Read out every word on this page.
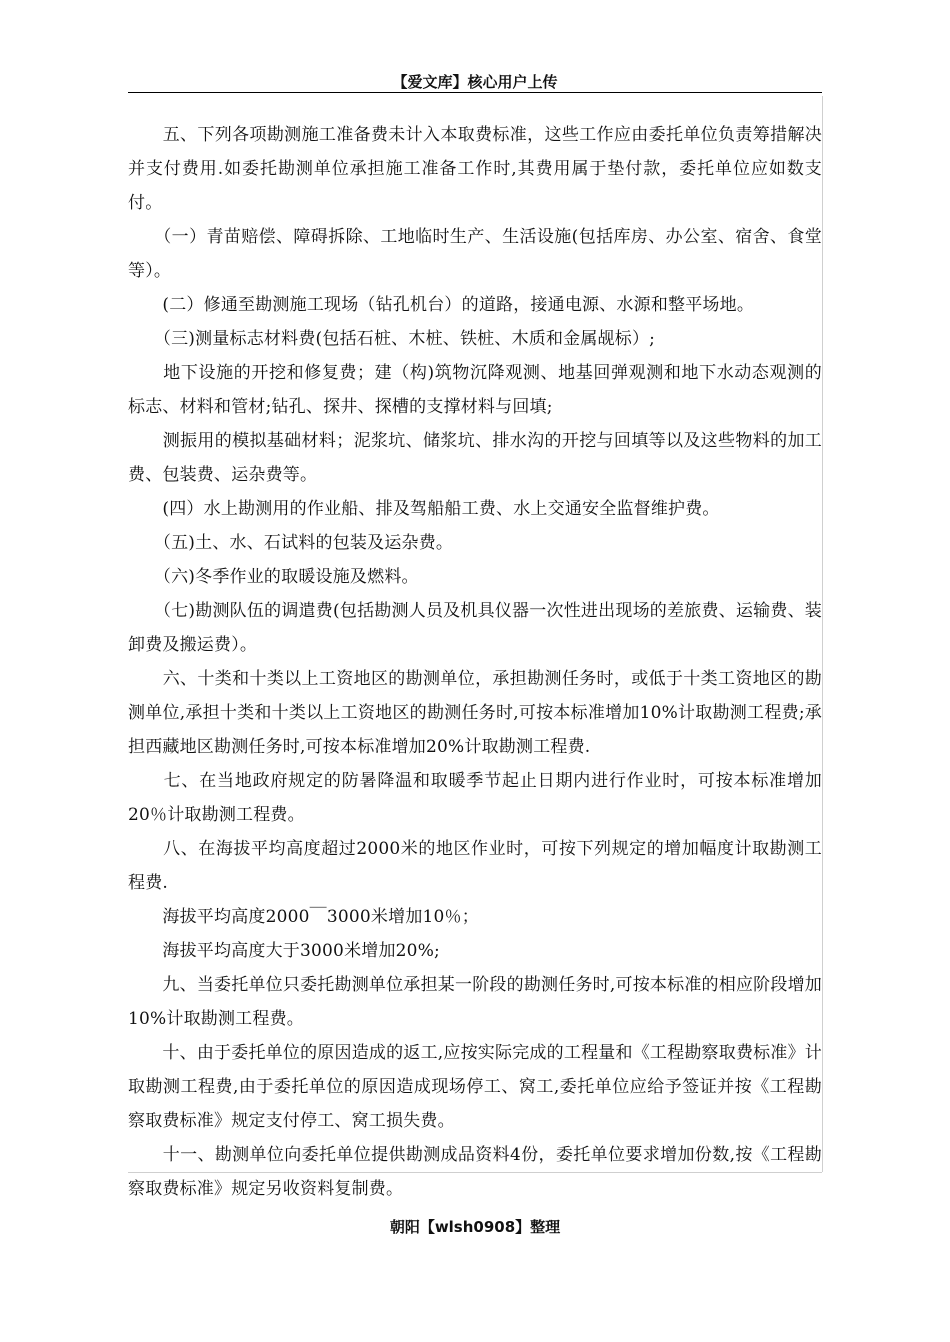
【爱文库】核心用户上传

　　五、下列各项勘测施工准备费未计入本取费标准，这些工作应由委托单位负责筹措解决并支付费用.如委托勘测单位承担施工准备工作时,其费用属于垫付款，委托单位应如数支付。

　　（一）青苗赔偿、障碍拆除、工地临时生产、生活设施(包括库房、办公室、宿舍、食堂等）。

　　(二）修通至勘测施工现场（钻孔机台）的道路，接通电源、水源和整平场地。

　　（三)测量标志材料费(包括石桩、木桩、铁桩、木质和金属觇标）;

　　地下设施的开挖和修复费；建（构)筑物沉降观测、地基回弹观测和地下水动态观测的标志、材料和管材;钻孔、探井、探槽的支撑材料与回填;

　　测振用的模拟基础材料；泥浆坑、储浆坑、排水沟的开挖与回填等以及这些物料的加工费、包装费、运杂费等。

　　(四）水上勘测用的作业船、排及驾船船工费、水上交通安全监督维护费。

　　（五)土、水、石试料的包装及运杂费。

　　（六)冬季作业的取暖设施及燃料。

　　（七)勘测队伍的调遣费(包括勘测人员及机具仪器一次性进出现场的差旅费、运输费、装卸费及搬运费）。

　　六、十类和十类以上工资地区的勘测单位，承担勘测任务时，或低于十类工资地区的勘测单位,承担十类和十类以上工资地区的勘测任务时,可按本标准增加10%计取勘测工程费;承担西藏地区勘测任务时,可按本标准增加20%计取勘测工程费.

　　七、在当地政府规定的防暑降温和取暖季节起止日期内进行作业时，可按本标准增加20％计取勘测工程费。

　　八、在海拔平均高度超过2000米的地区作业时，可按下列规定的增加幅度计取勘测工程费.

　　海拔平均高度2000￣3000米增加10％；

　　海拔平均高度大于3000米增加20%;

　　九、当委托单位只委托勘测单位承担某一阶段的勘测任务时,可按本标准的相应阶段增加10%计取勘测工程费。

　　十、由于委托单位的原因造成的返工,应按实际完成的工程量和《工程勘察取费标准》计取勘测工程费,由于委托单位的原因造成现场停工、窝工,委托单位应给予签证并按《工程勘察取费标准》规定支付停工、窝工损失费。

　　十一、勘测单位向委托单位提供勘测成品资料4份，委托单位要求增加份数,按《工程勘察取费标准》规定另收资料复制费。

朝阳【wlsh0908】整理
